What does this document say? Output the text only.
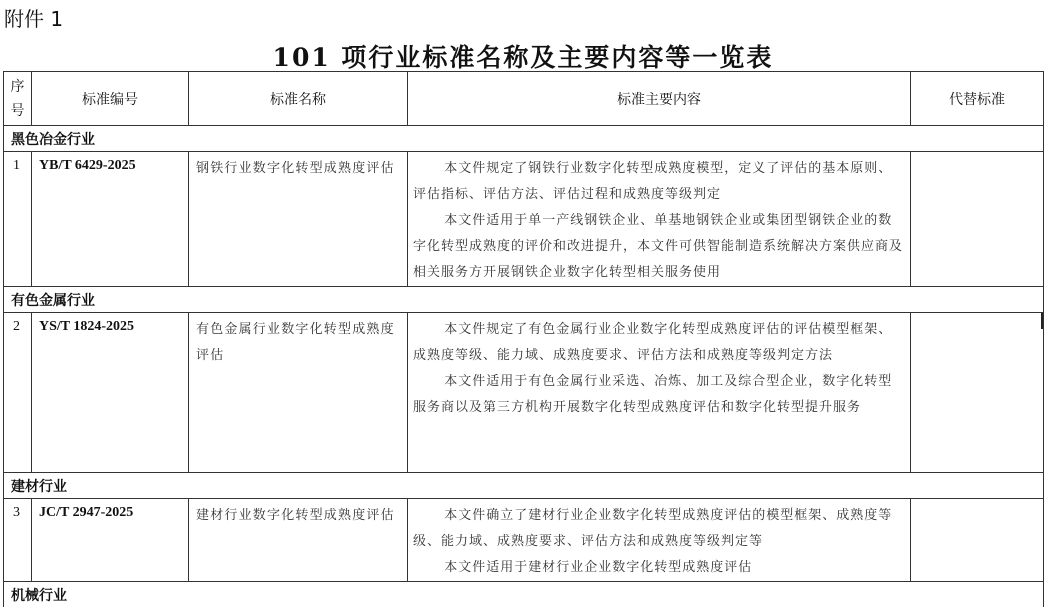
附件 1
101 项行业标准名称及主要内容等一览表
序号	标准编号	标准名称	标准主要内容	代替标准
黑色冶金行业				
1	YB/T 6429-2025	钢铁行业数字化转型成熟度评估	本文件规定了钢铁行业数字化转型成熟度模型，定义了评估的基本原则、评估指标、评估方法、评估过程和成熟度等级判定

本文件适用于单一产线钢铁企业、单基地钢铁企业或集团型钢铁企业的数字化转型成熟度的评价和改进提升，本文件可供智能制造系统解决方案供应商及相关服务方开展钢铁企业数字化转型相关服务使用	

有色金属行业				
2	YS/T 1824-2025	有色金属行业数字化转型成熟度评估	本文件规定了有色金属行业企业数字化转型成熟度评估的评估模型框架、成熟度等级、能力域、成熟度要求、评估方法和成熟度等级判定方法

本文件适用于有色金属行业采选、冶炼、加工及综合型企业，数字化转型服务商以及第三方机构开展数字化转型成熟度评估和数字化转型提升服务	

建材行业				
3	JC/T 2947-2025	建材行业数字化转型成熟度评估	本文件确立了建材行业企业数字化转型成熟度评估的模型框架、成熟度等级、能力域、成熟度要求、评估方法和成熟度等级判定等

本文件适用于建材行业企业数字化转型成熟度评估	

机械行业				
